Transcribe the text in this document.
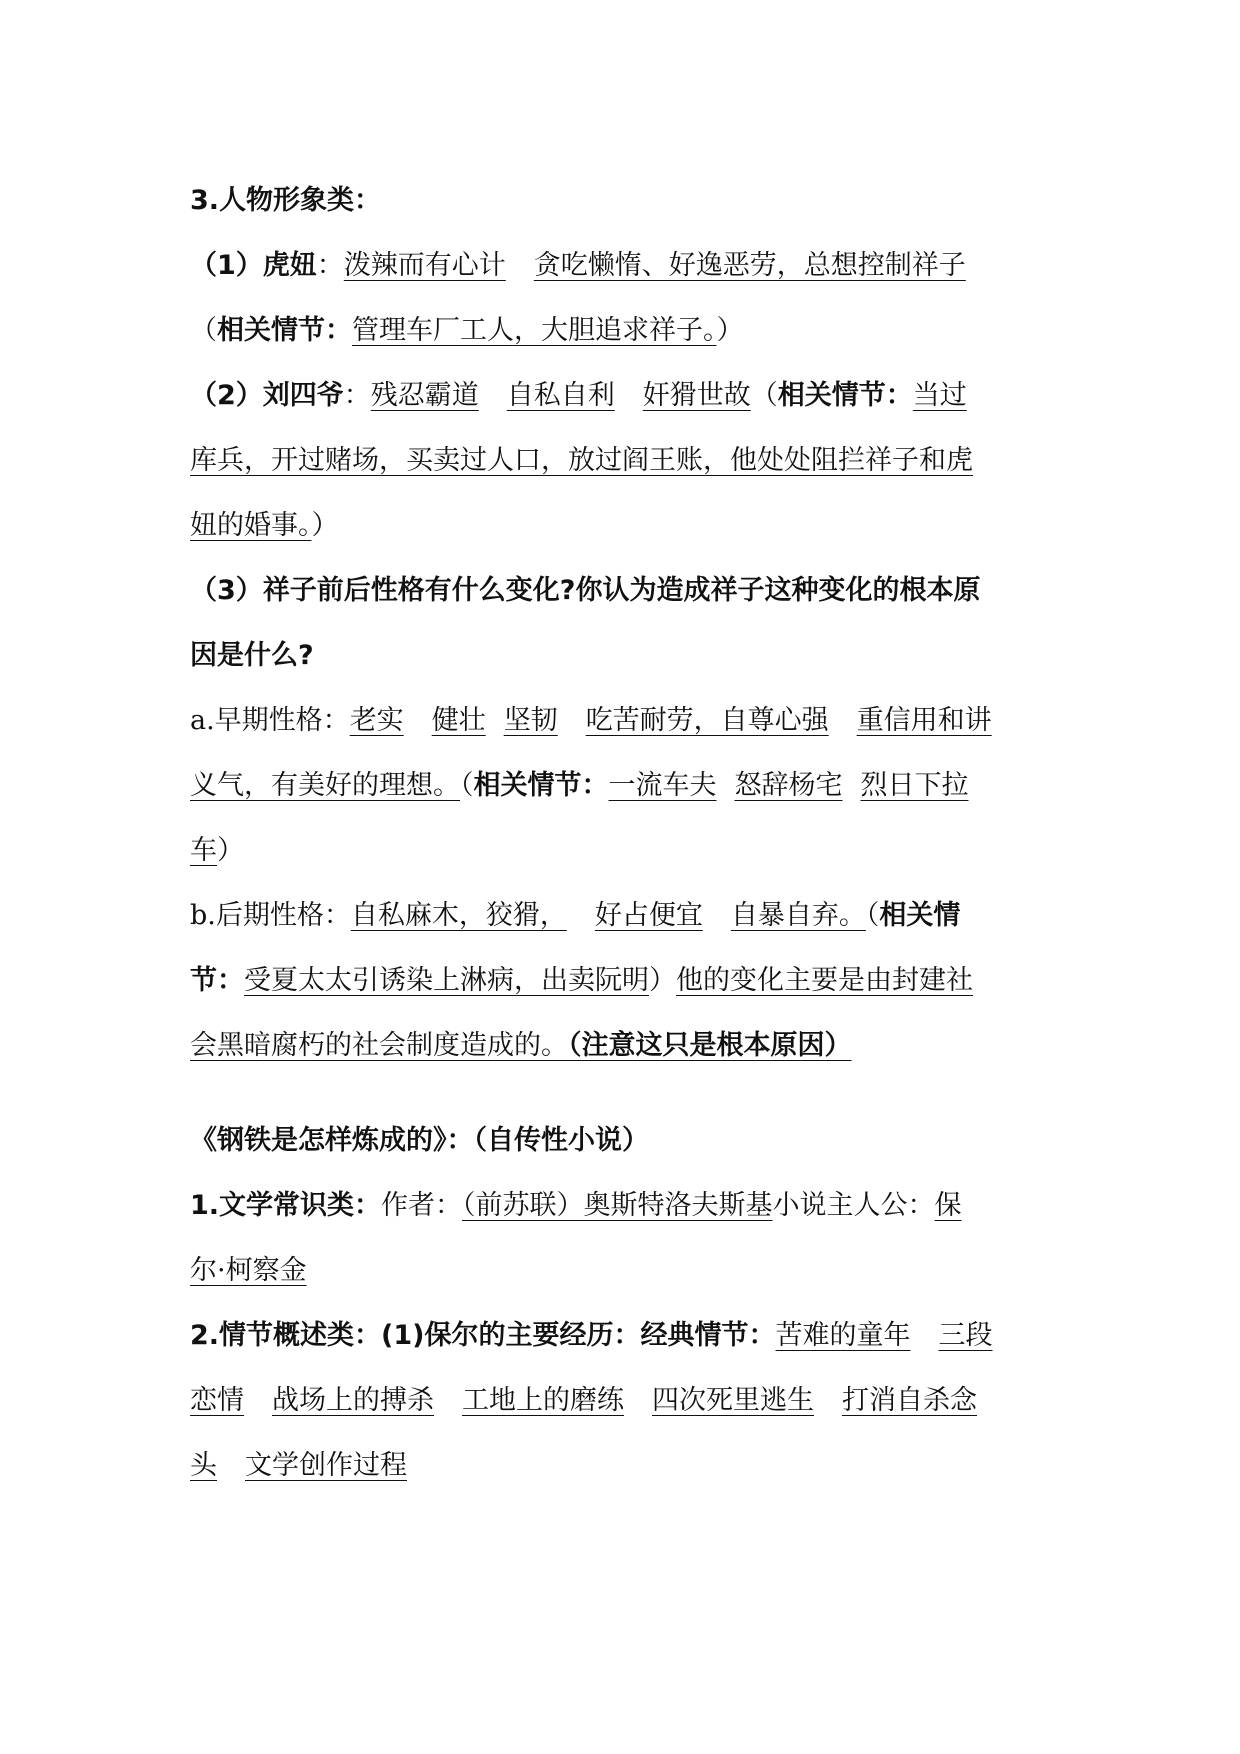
3.人物形象类：
（1）虎妞：泼辣而有心计 贪吃懒惰、好逸恶劳，总想控制祥子
（相关情节：管理车厂工人，大胆追求祥子。）
（2）刘四爷：残忍霸道 自私自利 奸猾世故（相关情节：当过
库兵，开过赌场，买卖过人口，放过阎王账，他处处阻拦祥子和虎
妞的婚事。）
（3）祥子前后性格有什么变化?你认为造成祥子这种变化的根本原
因是什么?
a.早期性格：老实 健壮 坚韧 吃苦耐劳，自尊心强 重信用和讲
义气，有美好的理想。（相关情节：一流车夫 怒辞杨宅 烈日下拉
车）
b.后期性格：自私麻木，狡猾， 好占便宜 自暴自弃。（相关情
节：受夏太太引诱染上淋病，出卖阮明）他的变化主要是由封建社
会黑暗腐朽的社会制度造成的。（注意这只是根本原因）
《钢铁是怎样炼成的》：（自传性小说）
1.文学常识类：作者：（前苏联）奥斯特洛夫斯基小说主人公：保
尔·柯察金
2.情节概述类：(1)保尔的主要经历：经典情节：苦难的童年 三段
恋情 战场上的搏杀 工地上的磨练 四次死里逃生 打消自杀念
头 文学创作过程
